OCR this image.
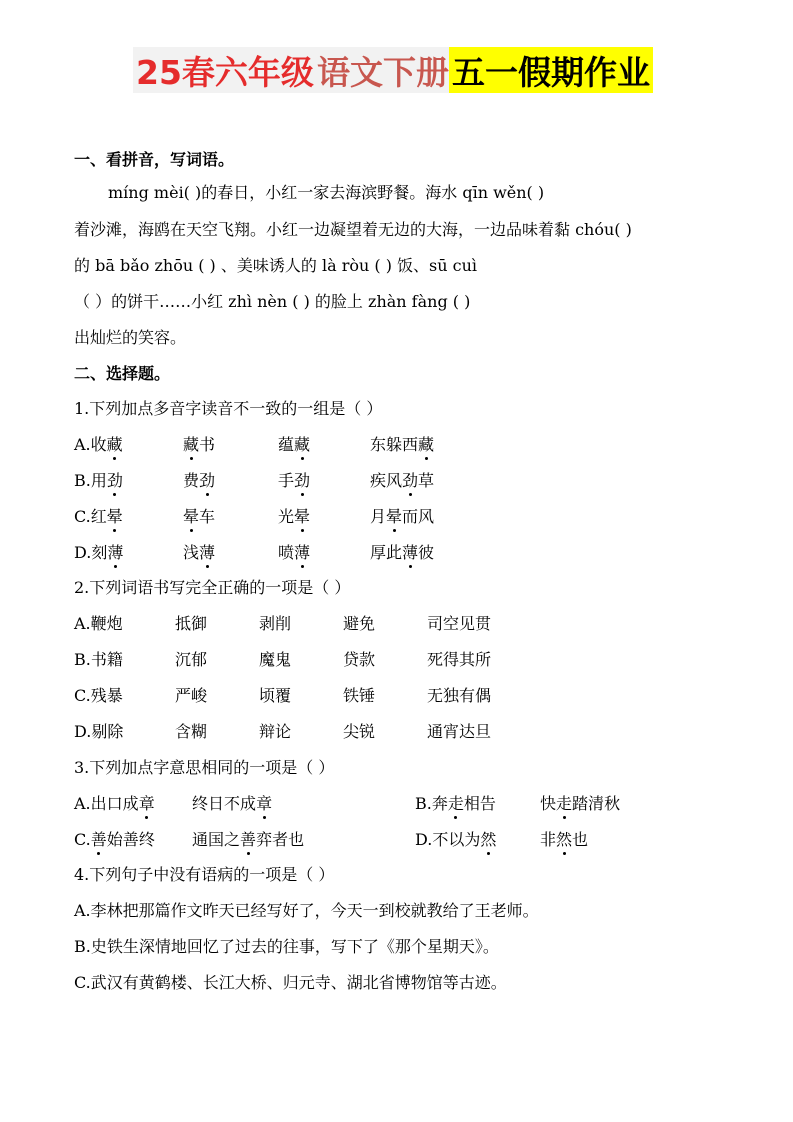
25春六年级 语文下册 五一假期作业
一、看拼音，写词语。
míng mèi( )的春日，小红一家去海滨野餐。海水 qīn wěn( )
着沙滩，海鸥在天空飞翔。小红一边凝望着无边的大海，一边品味着黏 chóu( )
的 bā bǎo zhōu ( ) 、美味诱人的 là ròu ( ) 饭、sū cuì
（ ）的饼干……小红 zhì nèn ( ) 的脸上 zhàn fàng ( )
出灿烂的笑容。
二、选择题。
1.下列加点多音字读音不一致的一组是（ ）
A.收藏	藏书	蕴藏	东躲西藏
B.用劲	费劲	手劲	疾风劲草
C.红晕	晕车	光晕	月晕而风
D.刻薄	浅薄	喷薄	厚此薄彼
2.下列词语书写完全正确的一项是（ ）
A.鞭炮	抵御	剥削	避免	司空见贯
B.书籍	沉郁	魔鬼	贷款	死得其所
C.残暴	严峻	顷覆	铁锤	无独有偶
D.剔除	含糊	辩论	尖锐	通宵达旦
3.下列加点字意思相同的一项是（ ）
A.出口成章 终日不成章	B.奔走相告	快走踏清秋
C.善始善终 通国之善弈者也	D.不以为然	非然也
4.下列句子中没有语病的一项是（ ）
A.李林把那篇作文昨天已经写好了，今天一到校就教给了王老师。
B.史铁生深情地回忆了过去的往事，写下了《那个星期天》。
C.武汉有黄鹤楼、长江大桥、归元寺、湖北省博物馆等古迹。
